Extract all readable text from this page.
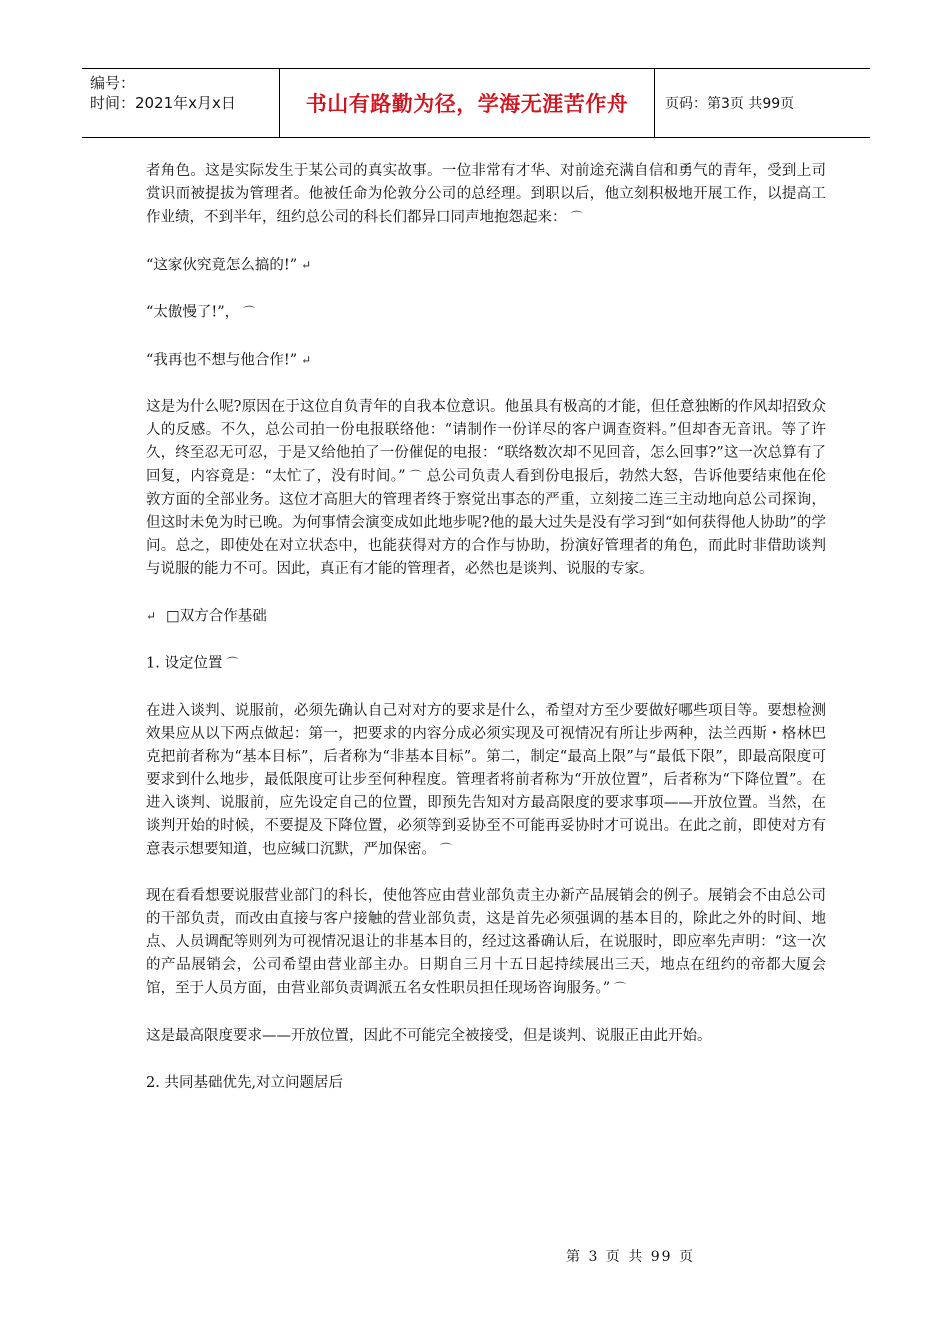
编号：
时间：2021年x月x日	书山有路勤为径，学海无涯苦作舟	页码：第3页 共99页

者角色。这是实际发生于某公司的真实故事。一位非常有才华、对前途充满自信和勇气的青年，受到上司赏识而被提拔为管理者。他被任命为伦敦分公司的总经理。到职以后，他立刻积极地开展工作，以提高工作业绩，不到半年，纽约总公司的科长们都异口同声地抱怨起来： ⌒

“这家伙究竟怎么搞的!” ↵

“太傲慢了!”， ⌒

“我再也不想与他合作!” ↵

这是为什么呢?原因在于这位自负青年的自我本位意识。他虽具有极高的才能，但任意独断的作风却招致众人的反感。不久，总公司拍一份电报联络他：“请制作一份详尽的客户调查资料。”但却杳无音讯。等了许久，终至忍无可忍，于是又给他拍了一份催促的电报：“联络数次却不见回音，怎么回事?”这一次总算有了回复，内容竟是：“太忙了，没有时间。” ⌒ 总公司负责人看到份电报后，勃然大怒，告诉他要结束他在伦敦方面的全部业务。这位才高胆大的管理者终于察觉出事态的严重，立刻接二连三主动地向总公司探询，但这时未免为时已晚。为何事情会演变成如此地步呢?他的最大过失是没有学习到“如何获得他人协助”的学问。总之，即使处在对立状态中，也能获得对方的合作与协助，扮演好管理者的角色，而此时非借助谈判与说服的能力不可。因此，真正有才能的管理者，必然也是谈判、说服的专家。

↵ □双方合作基础

1. 设定位置 ⌒

在进入谈判、说服前，必须先确认自己对对方的要求是什么，希望对方至少要做好哪些项目等。要想检测效果应从以下两点做起：第一，把要求的内容分成必须实现及可视情况有所让步两种，法兰西斯・格林巴克把前者称为“基本目标”，后者称为“非基本目标”。第二，制定“最高上限”与“最低下限”，即最高限度可要求到什么地步，最低限度可让步至何种程度。管理者将前者称为“开放位置”，后者称为“下降位置”。在进入谈判、说服前，应先设定自己的位置，即预先告知对方最高限度的要求事项——开放位置。当然，在谈判开始的时候，不要提及下降位置，必须等到妥协至不可能再妥协时才可说出。在此之前，即使对方有意表示想要知道，也应缄口沉默，严加保密。 ⌒

现在看看想要说服营业部门的科长，使他答应由营业部负责主办新产品展销会的例子。展销会不由总公司的干部负责，而改由直接与客户接触的营业部负责，这是首先必须强调的基本目的，除此之外的时间、地点、人员调配等则列为可视情况退让的非基本目的，经过这番确认后，在说服时，即应率先声明：“这一次的产品展销会，公司希望由营业部主办。日期自三月十五日起持续展出三天，地点在纽约的帝都大厦会馆，至于人员方面，由营业部负责调派五名女性职员担任现场咨询服务。” ⌒

这是最高限度要求——开放位置，因此不可能完全被接受，但是谈判、说服正由此开始。

2. 共同基础优先,对立问题居后

第 3 页 共 99 页
